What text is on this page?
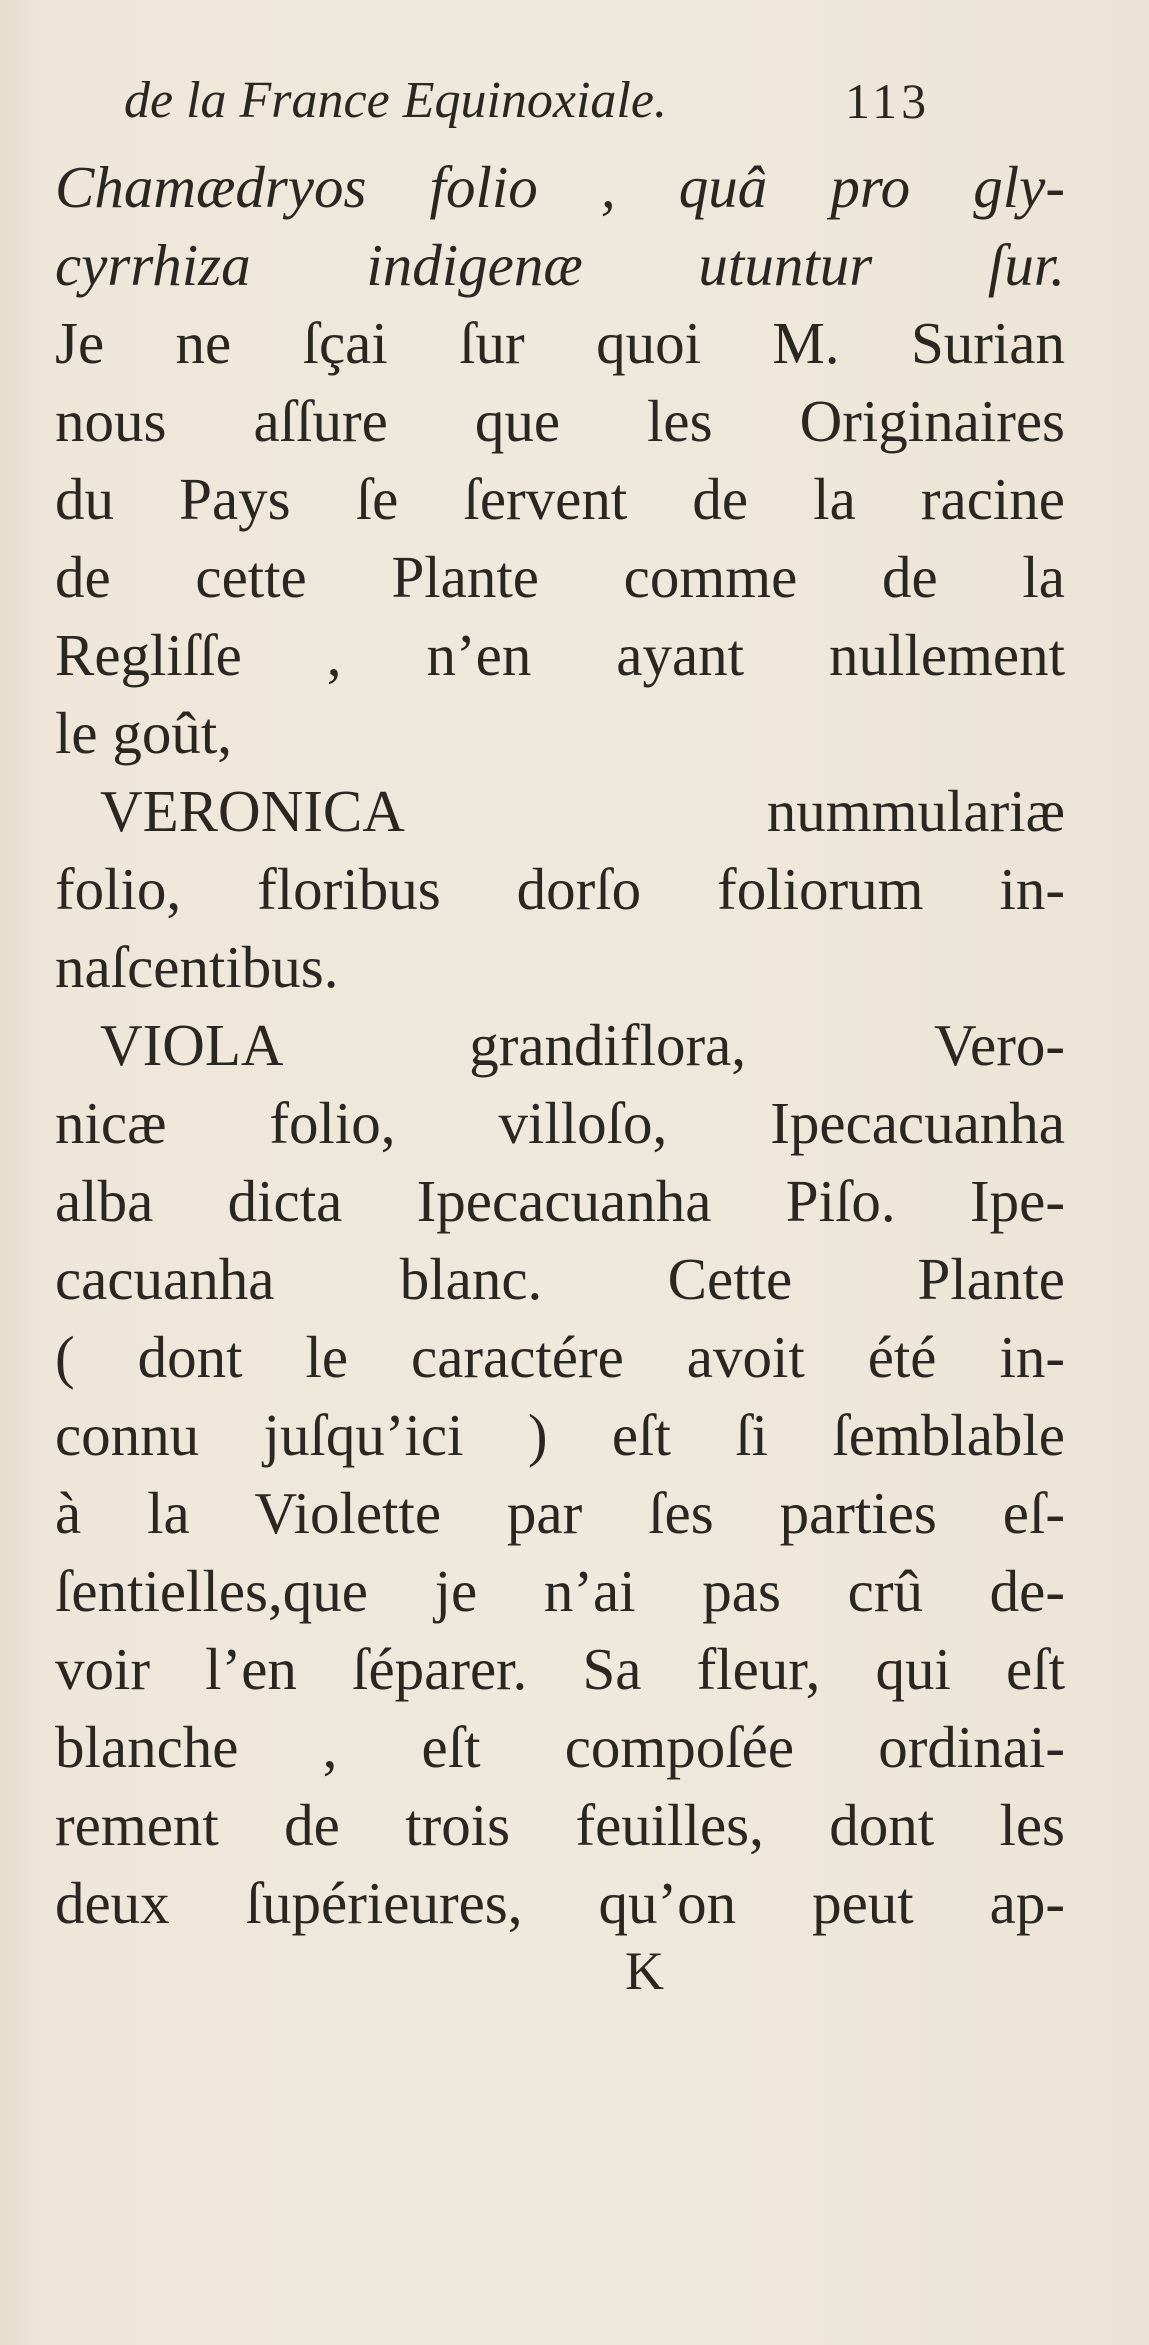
de la France Equinoxiale.	113
Chamædryos folio , quâ pro gly-
cyrrhiza indigenæ utuntur ſur.
Je ne ſçai ſur quoi M. Surian
nous aſſure que les Originaires
du Pays ſe ſervent de la racine
de cette Plante comme de la
Regliſſe , n’en ayant nullement
le goût,
VERONICA nummulariæ
folio, floribus dorſo foliorum in-
naſcentibus.
VIOLA grandiflora, Vero-
nicæ folio, villoſo, Ipecacuanha
alba dicta Ipecacuanha Piſo. Ipe-
cacuanha blanc. Cette Plante
( dont le caractére avoit été in-
connu juſqu’ici ) eſt ſi ſemblable
à la Violette par ſes parties eſ-
ſentielles,que je n’ai pas crû de-
voir l’en ſéparer. Sa fleur, qui eſt
blanche , eſt compoſée ordinai-
rement de trois feuilles, dont les
deux ſupérieures, qu’on peut ap-
K
